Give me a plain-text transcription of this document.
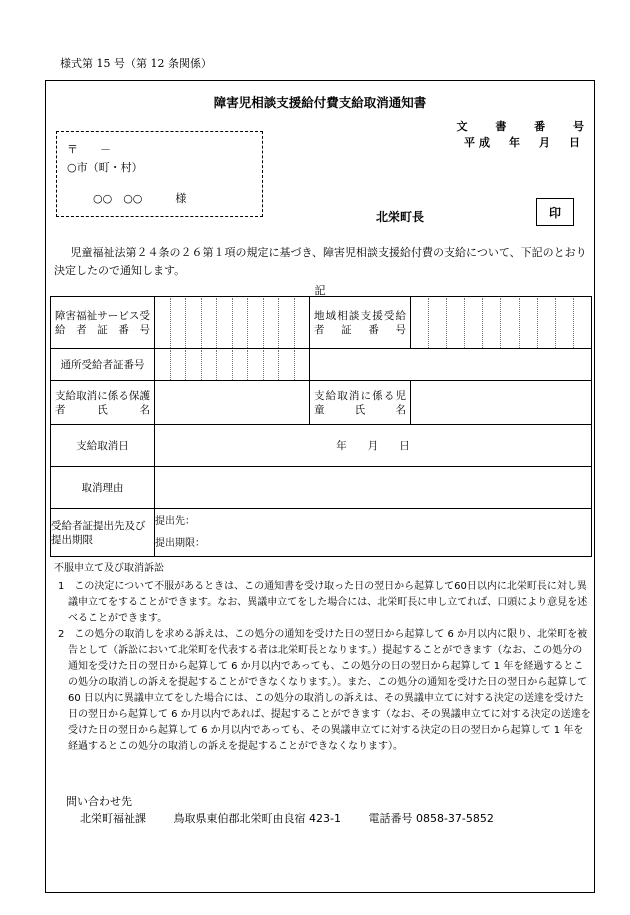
様式第 15 号（第 12 条関係）
障害児相談支援給付費支給取消通知書
文 書 番 号
平成　年　月　日
〒　　－
○市（町・村）
○○　○○　　　様
北栄町長	印
児童福祉法第２４条の２６第１項の規定に基づき、障害児相談支援給付費の支給について、下記のとおり決定したので通知します。
記
障害福祉サービス受給者証番号		地域相談支援受給者証番号	

通所受給者証番号		

支給取消に係る保護者氏名		支給取消に係る児童氏名	
支給取消日	年　　月　　日		
取消理由			
受給者証提出先及び提出期限	提出先：
提出期限：		
不服申立て及び取消訴訟
1　この決定について不服があるときは、この通知書を受け取った日の翌日から起算して60日以内に北栄町長に対し異議申立てをすることができます。なお、異議申立てをした場合には、北栄町長に申し立てれば、口頭により意見を述べることができます。
2　この処分の取消しを求める訴えは、この処分の通知を受けた日の翌日から起算して 6 か月以内に限り、北栄町を被告として（訴訟において北栄町を代表する者は北栄町長となります。）提起することができます（なお、この処分の通知を受けた日の翌日から起算して 6 か月以内であっても、この処分の日の翌日から起算して 1 年を経過するとこの処分の取消しの訴えを提起することができなくなります。）。また、この処分の通知を受けた日の翌日から起算して 60 日以内に異議申立てをした場合には、この処分の取消しの訴えは、その異議申立てに対する決定の送達を受けた日の翌日から起算して 6 か月以内であれば、提起することができます（なお、その異議申立てに対する決定の送達を受けた日の翌日から起算して 6 か月以内であっても、その異議申立てに対する決定の日の翌日から起算して 1 年を経過するとこの処分の取消しの訴えを提起することができなくなります）。
問い合わせ先
北栄町福祉課	鳥取県東伯郡北栄町由良宿 423-1	電話番号 0858-37-5852
